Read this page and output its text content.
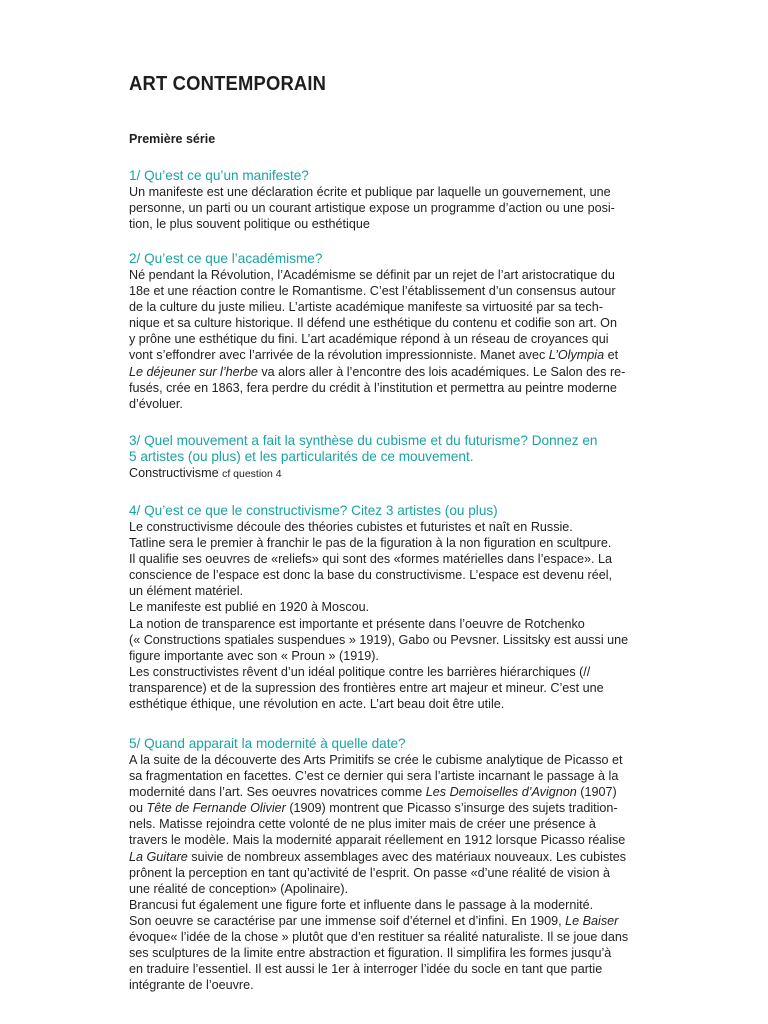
ART CONTEMPORAIN
Première série
1/ Qu’est ce qu’un manifeste?

Un manifeste est une déclaration écrite et publique par laquelle un gouvernement, une
personne, un parti ou un courant artistique expose un programme d’action ou une posi-
tion, le plus souvent politique ou esthétique

2/ Qu’est ce que l’académisme?

Né pendant la Révolution, l’Académisme se définit par un rejet de l’art aristocratique du
18e et une réaction contre le Romantisme. C’est l’établissement d’un consensus autour
de la culture du juste milieu. L’artiste académique manifeste sa virtuosité par sa tech-
nique et sa culture historique. Il défend une esthétique du contenu et codifie son art. On
y prône une esthétique du fini. L’art académique répond à un réseau de croyances qui
vont s’effondrer avec l’arrivée de la révolution impressionniste. Manet avec L’Olympia et
Le déjeuner sur l’herbe va alors aller à l’encontre des lois académiques. Le Salon des re-
fusés, crée en 1863, fera perdre du crédit à l’institution et permettra au peintre moderne
d’évoluer.

3/ Quel mouvement a fait la synthèse du cubisme et du futurisme? Donnez en
5 artistes (ou plus) et les particularités de ce mouvement.

Constructivisme cf question 4

4/ Qu’est ce que le constructivisme? Citez 3 artistes (ou plus)

Le constructivisme découle des théories cubistes et futuristes et naît en Russie.
Tatline sera le premier à franchir le pas de la figuration à la non figuration en scultpure.
Il qualifie ses oeuvres de «reliefs» qui sont des «formes matérielles dans l’espace». La
conscience de l’espace est donc la base du constructivisme. L’espace est devenu réel,
un élément matériel.
Le manifeste est publié en 1920 à Moscou.
La notion de transparence est importante et présente dans l’oeuvre de Rotchenko
(« Constructions spatiales suspendues » 1919), Gabo ou Pevsner. Lissitsky est aussi une
figure importante avec son « Proun » (1919).
Les constructivistes rêvent d’un idéal politique contre les barrières hiérarchiques (//
transparence) et de la supression des frontières entre art majeur et mineur. C’est une
esthétique éthique, une révolution en acte. L’art beau doit être utile.

5/ Quand apparait la modernité à quelle date?

A la suite de la découverte des Arts Primitifs se crée le cubisme analytique de Picasso et
sa fragmentation en facettes. C’est ce dernier qui sera l’artiste incarnant le passage à la
modernité dans l’art. Ses oeuvres novatrices comme Les Demoiselles d’Avignon (1907)
ou Tête de Fernande Olivier (1909) montrent que Picasso s’insurge des sujets tradition-
nels. Matisse rejoindra cette volonté de ne plus imiter mais de créer une présence à
travers le modèle. Mais la modernité apparait réellement en 1912 lorsque Picasso réalise
La Guitare suivie de nombreux assemblages avec des matériaux nouveaux. Les cubistes
prônent la perception en tant qu’activité de l’esprit. On passe «d’une réalité de vision à
une réalité de conception» (Apolinaire).
Brancusi fut également une figure forte et influente dans le passage à la modernité.
Son oeuvre se caractérise par une immense soif d’éternel et d’infini. En 1909, Le Baiser
évoque« l’idée de la chose » plutôt que d’en restituer sa réalité naturaliste. Il se joue dans
ses sculptures de la limite entre abstraction et figuration. Il simplifira les formes jusqu’à
en traduire l’essentiel. Il est aussi le 1er à interroger l’idée du socle en tant que partie
intégrante de l’oeuvre.
